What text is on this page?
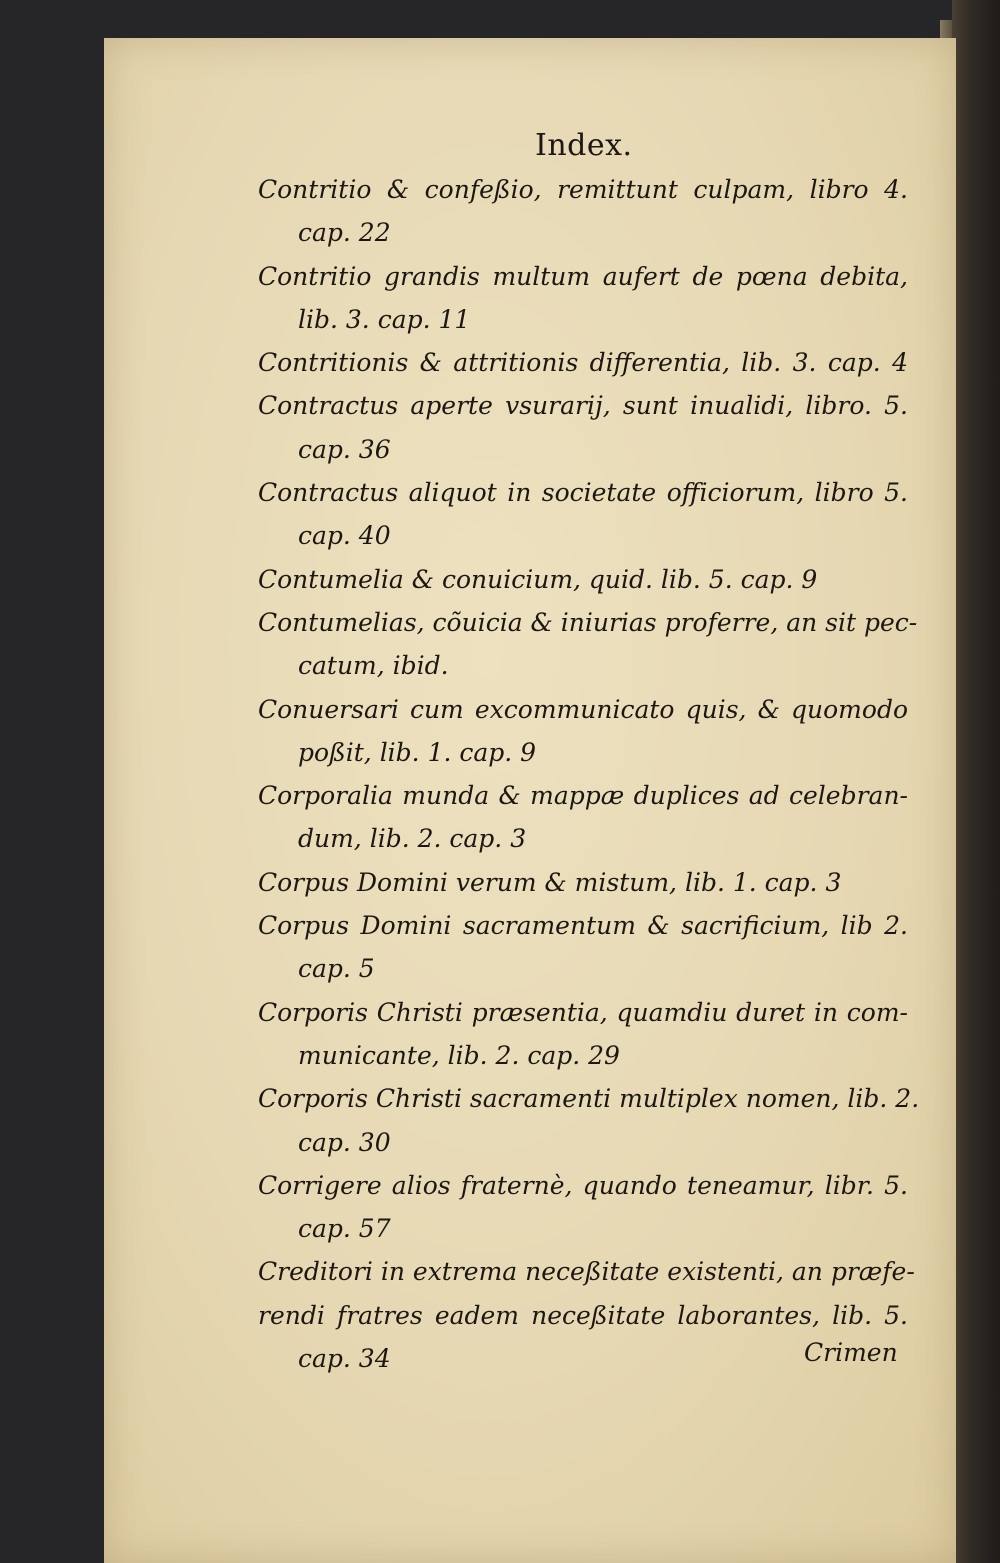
Index.
Contritio & confeßio, remittunt culpam, libro 4.
cap. 22
Contritio grandis multum aufert de pœna debita,
lib. 3. cap. 11
Contritionis & attritionis differentia, lib. 3. cap. 4
Contractus aperte vsurarij, sunt inualidi, libro. 5.
cap. 36
Contractus aliquot in societate officiorum, libro 5.
cap. 40
Contumelia & conuicium, quid. lib. 5. cap. 9
Contumelias, cõuicia & iniurias proferre, an sit pec-
catum, ibid.
Conuersari cum excommunicato quis, & quomodo
poßit, lib. 1. cap. 9
Corporalia munda & mappæ duplices ad celebran-
dum, lib. 2. cap. 3
Corpus Domini verum & mistum, lib. 1. cap. 3
Corpus Domini sacramentum & sacrificium, lib 2.
cap. 5
Corporis Christi præsentia, quamdiu duret in com-
municante, lib. 2. cap. 29
Corporis Christi sacramenti multiplex nomen, lib. 2.
cap. 30
Corrigere alios fraternè, quando teneamur, libr. 5.
cap. 57
Creditori in extrema neceßitate existenti, an præfe-
rendi fratres eadem neceßitate laborantes, lib. 5.
cap. 34	Crimen
